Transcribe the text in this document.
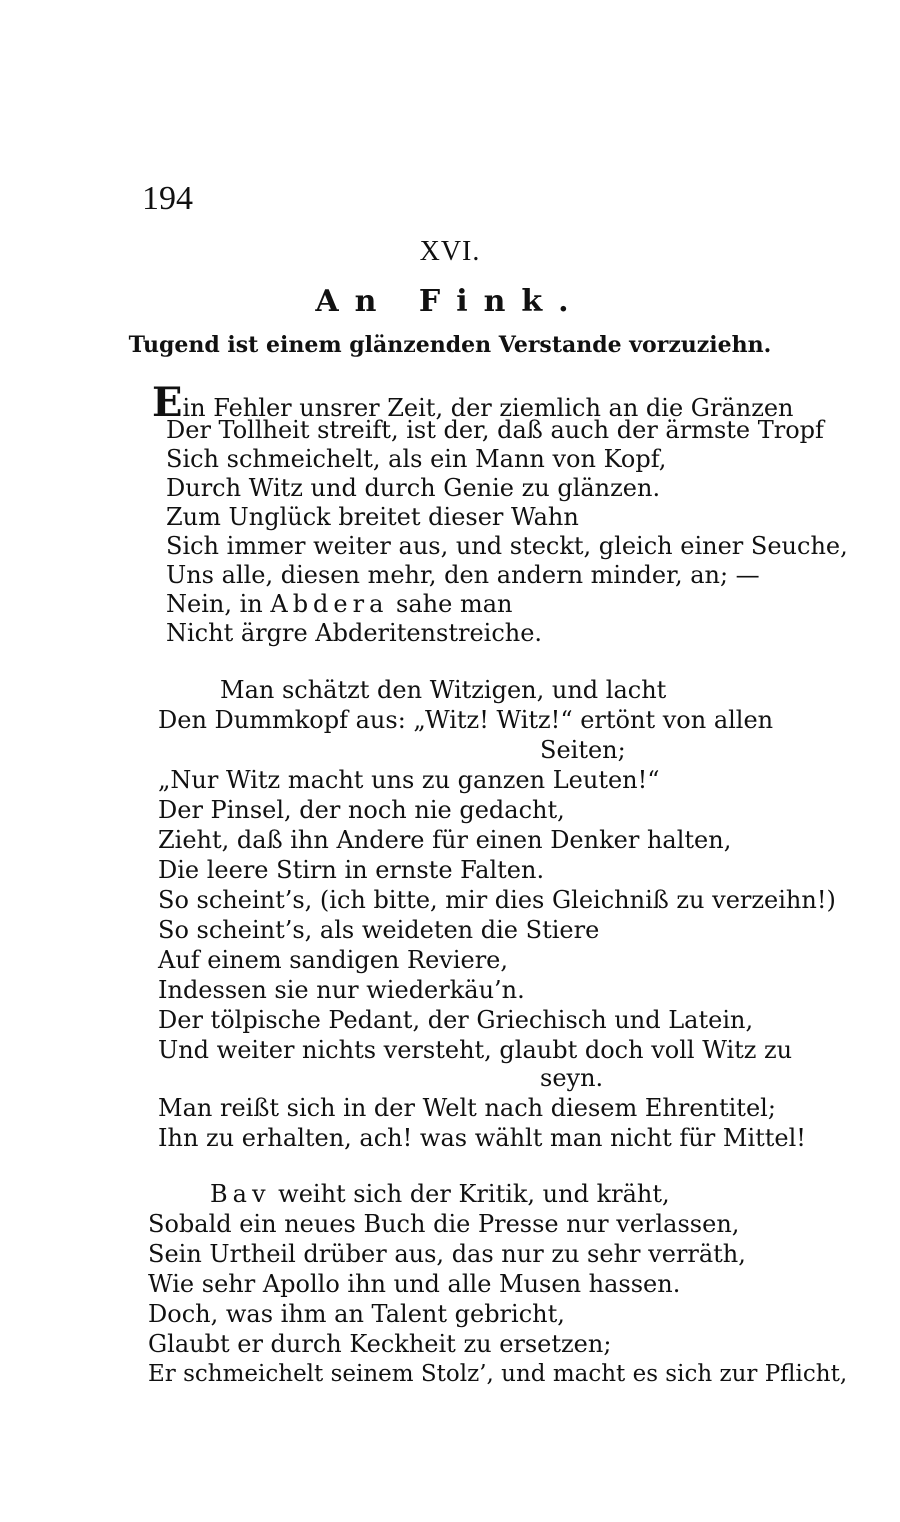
194
XVI.
An Fink.
Tugend ist einem glänzenden Verstande vorzuziehn.
Ein Fehler unsrer Zeit, der ziemlich an die Gränzen
Der Tollheit streift, ist der, daß auch der ärmste Tropf
Sich schmeichelt, als ein Mann von Kopf,
Durch Witz und durch Genie zu glänzen.
Zum Unglück breitet dieser Wahn
Sich immer weiter aus, und steckt, gleich einer Seuche,
Uns alle, diesen mehr, den andern minder, an; —
Nein, in Abdera sahe man
Nicht ärgre Abderitenstreiche.
Man schätzt den Witzigen, und lacht
Den Dummkopf aus: „Witz! Witz!“ ertönt von allen
Seiten;
„Nur Witz macht uns zu ganzen Leuten!“
Der Pinsel, der noch nie gedacht,
Zieht, daß ihn Andere für einen Denker halten,
Die leere Stirn in ernste Falten.
So scheint’s, (ich bitte, mir dies Gleichniß zu verzeihn!)
So scheint’s, als weideten die Stiere
Auf einem sandigen Reviere,
Indessen sie nur wiederkäu’n.
Der tölpische Pedant, der Griechisch und Latein,
Und weiter nichts versteht, glaubt doch voll Witz zu
seyn.
Man reißt sich in der Welt nach diesem Ehrentitel;
Ihn zu erhalten, ach! was wählt man nicht für Mittel!
Bav weiht sich der Kritik, und kräht,
Sobald ein neues Buch die Presse nur verlassen,
Sein Urtheil drüber aus, das nur zu sehr verräth,
Wie sehr Apollo ihn und alle Musen hassen.
Doch, was ihm an Talent gebricht,
Glaubt er durch Keckheit zu ersetzen;
Er schmeichelt seinem Stolz’, und macht es sich zur Pflicht,
